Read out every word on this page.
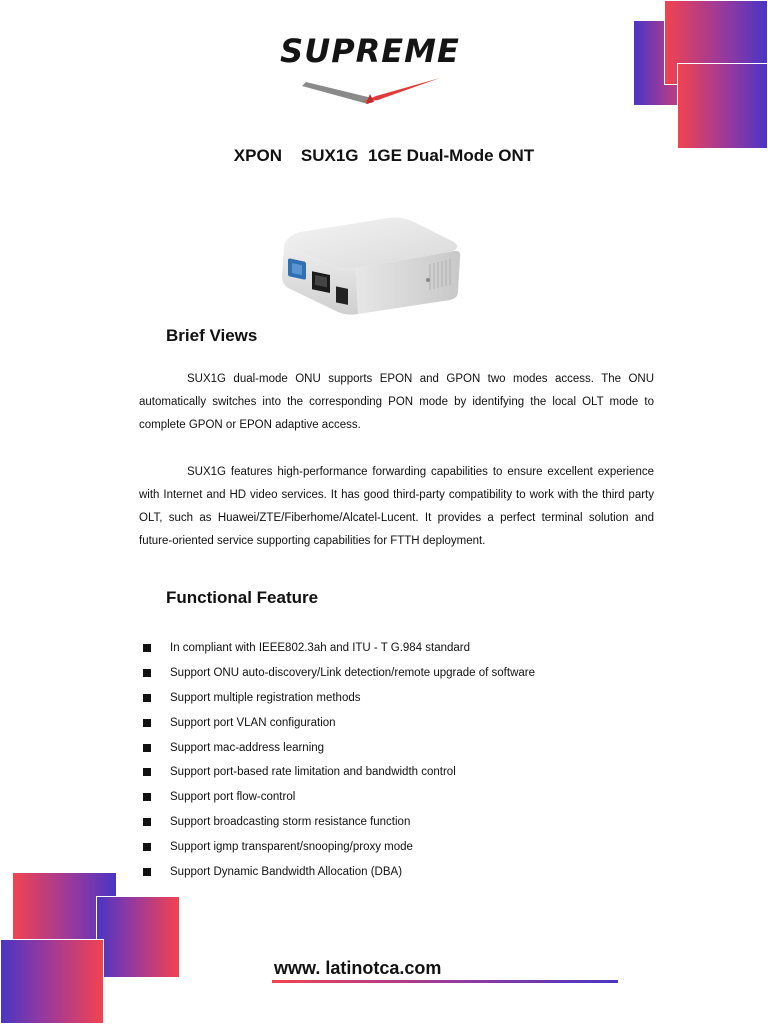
SUPREME
XPON    SUX1G  1GE Dual-Mode ONT
Brief Views
SUX1G dual-mode ONU supports EPON and GPON two modes access. The ONU automatically switches into the corresponding PON mode by identifying the local OLT mode to complete GPON or EPON adaptive access.
SUX1G features high-performance forwarding capabilities to ensure excellent experience with Internet and HD video services. It has good third-party compatibility to work with the third party OLT, such as Huawei/ZTE/Fiberhome/Alcatel-Lucent. It provides a perfect terminal solution and future-oriented service supporting capabilities for FTTH deployment.
Functional Feature
In compliant with IEEE802.3ah and ITU - T G.984 standard
Support ONU auto-discovery/Link detection/remote upgrade of software
Support multiple registration methods
Support port VLAN configuration
Support mac-address learning
Support port-based rate limitation and bandwidth control
Support port flow-control
Support broadcasting storm resistance function
Support igmp transparent/snooping/proxy mode
Support Dynamic Bandwidth Allocation (DBA)
www. latinotca.com
